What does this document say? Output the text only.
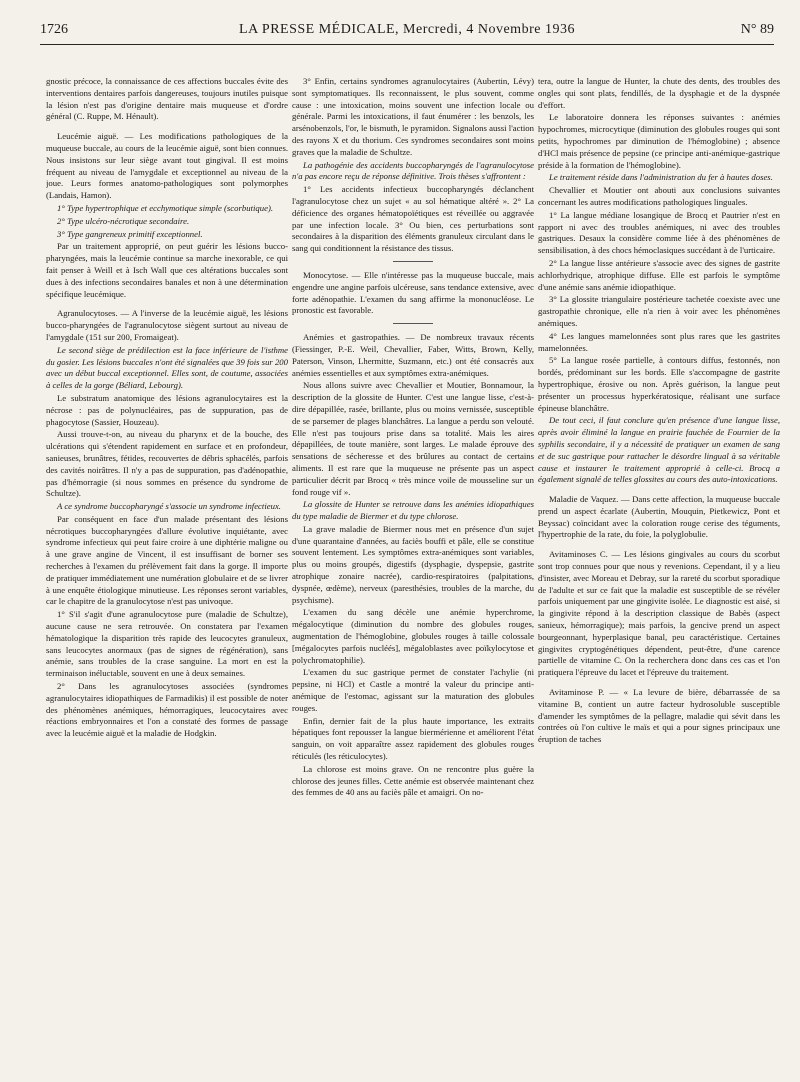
1726	LA PRESSE MÉDICALE, Mercredi, 4 Novembre 1936	N° 89

gnostic précoce, la connaissance de ces affections buccales évite des interventions dentaires parfois dangereuses, toujours inutiles puisque la lésion n'est pas d'origine dentaire mais muqueuse et d'ordre général (C. Ruppe, M. Hénault).

Leucémie aiguë. — Les modifications pathologiques de la muqueuse buccale, au cours de la leucémie aiguë, sont bien connues. Nous insistons sur leur siège avant tout gingival. Il est moins fréquent au niveau de l'amygdale et exceptionnel au niveau de la joue. Leurs formes anatomo-pathologiques sont polymorphes (Landais, Hamon).

1° Type hypertrophique et ecchymotique simple (scorbutique).

2° Type ulcéro-nécrotique secondaire.

3° Type gangreneux primitif exceptionnel.

Par un traitement approprié, on peut guérir les lésions bucco-pharyngées, mais la leucémie continue sa marche inexorable, ce qui fait penser à Weill et à Isch Wall que ces altérations buccales sont dues à des infections secondaires banales et non à une détermination spécifique leucémique.

Agranulocytoses. — A l'inverse de la leucémie aiguë, les lésions bucco-pharyngées de l'agranulocytose siègent surtout au niveau de l'amygdale (151 sur 200, Fromaigeat).

Le second siège de prédilection est la face inférieure de l'isthme du gosier. Les lésions buccales n'ont été signalées que 39 fois sur 200 avec un début buccal exceptionnel. Elles sont, de coutume, associées à celles de la gorge (Béliard, Lebourg).

Le substratum anatomique des lésions agranulocytaires est la nécrose : pas de polynucléaires, pas de suppuration, pas de phagocytose (Sassier, Houzeau).

Aussi trouve-t-on, au niveau du pharynx et de la bouche, des ulcérations qui s'étendent rapidement en surface et en profondeur, sanieuses, brunâtres, fétides, recouvertes de débris sphacélés, parfois des cavités noirâtres. Il n'y a pas de suppuration, pas d'adénopathie, pas d'hémorragie (si nous sommes en présence du syndrome de Schultze).

A ce syndrome buccopharyngé s'associe un syndrome infectieux.

Par conséquent en face d'un malade présentant des lésions nécrotiques buccopharyngées d'allure évolutive inquiétante, avec syndrome infectieux qui peut faire croire à une diphtérie maligne ou à une grave angine de Vincent, il est insuffisant de borner ses recherches à l'examen du prélèvement fait dans la gorge. Il importe de pratiquer immédiatement une numération globulaire et de se livrer à une enquête étiologique minutieuse. Les réponses seront variables, car le chapitre de la granulocytose n'est pas univoque.

1° S'il s'agit d'une agranulocytose pure (maladie de Schultze), aucune cause ne sera retrouvée. On constatera par l'examen hématologique la disparition très rapide des leucocytes granuleux, sans leucocytes anormaux (pas de signes de régénération), sans anémie, sans troubles de la crase sanguine. La mort en est la terminaison inéluctable, souvent en une à deux semaines.

2° Dans les agranulocytoses associées (syndromes agranulocytaires idiopathiques de Farmadikis) il est possible de noter des phénomènes anémiques, hémorragiques, leucocytaires avec réactions embryonnaires et l'on a constaté des formes de passage avec la leucémie aiguë et la maladie de Hodgkin.

3° Enfin, certains syndromes agranulocytaires (Aubertin, Lévy) sont symptomatiques. Ils reconnaissent, le plus souvent, comme cause : une intoxication, moins souvent une infection locale ou générale. Parmi les intoxications, il faut énumérer : les benzols, les arsénobenzols, l'or, le bismuth, le pyramidon. Signalons aussi l'action des rayons X et du thorium. Ces syndromes secondaires sont moins graves que la maladie de Schultze.

La pathogénie des accidents buccopharyngés de l'agranulocytose n'a pas encore reçu de réponse définitive. Trois thèses s'affrontent :

1° Les accidents infectieux buccopharyngés déclanchent l'agranulocytose chez un sujet « au sol hématique altéré ». 2° La déficience des organes hématopoïétiques est réveillée ou aggravée par une infection locale. 3° Ou bien, ces perturbations sont secondaires à la disparition des éléments granuleux circulant dans le sang qui conditionnent la résistance des tissus.

Monocytose. — Elle n'intéresse pas la muqueuse buccale, mais engendre une angine parfois ulcéreuse, sans tendance extensive, avec forte adénopathie. L'examen du sang affirme la mononucléose. Le pronostic est favorable.

Anémies et gastropathies. — De nombreux travaux récents (Fiessinger, P.-E. Weil, Chevallier, Faber, Witts, Brown, Kelly, Paterson, Vinson, Lhermitte, Suzmann, etc.) ont été consacrés aux anémies essentielles et aux symptômes extra-anémiques.

Nous allons suivre avec Chevallier et Moutier, Bonnamour, la description de la glossite de Hunter. C'est une langue lisse, c'est-à-dire dépapillée, rasée, brillante, plus ou moins vernissée, susceptible de se parsemer de plages blanchâtres. La langue a perdu son velouté. Elle n'est pas toujours prise dans sa totalité. Mais les aires dépapillées, de toute manière, sont larges. Le malade éprouve des sensations de sécheresse et des brûlures au contact de certains aliments. Il est rare que la muqueuse ne présente pas un aspect particulier décrit par Brocq « très mince voile de mousseline sur un fond rouge vif ».

La glossite de Hunter se retrouve dans les anémies idiopathiques du type maladie de Biermer et du type chlorose.

La grave maladie de Biermer nous met en présence d'un sujet d'une quarantaine d'années, au faciès bouffi et pâle, elle se constitue souvent lentement. Les symptômes extra-anémiques sont variables, plus ou moins groupés, digestifs (dysphagie, dyspepsie, gastrite atrophique zonaire nacrée), cardio-respiratoires (palpitations, dyspnée, œdème), nerveux (paresthésies, troubles de la marche, du psychisme).

L'examen du sang décèle une anémie hyperchrome, mégalocytique (diminution du nombre des globules rouges, augmentation de l'hémoglobine, globules rouges à taille colossale [mégalocytes parfois nucléés], mégaloblastes avec poïkylocytose et polychromatophilie).

L'examen du suc gastrique permet de constater l'achylie (ni pepsine, ni HCl) et Castle a montré la valeur du principe anti-anémique de l'estomac, agissant sur la maturation des globules rouges.

Enfin, dernier fait de la plus haute importance, les extraits hépatiques font repousser la langue biermérienne et améliorent l'état sanguin, on voit apparaître assez rapidement des globules rouges réticulés (les réticulocytes).

La chlorose est moins grave. On ne rencontre plus guère la chlorose des jeunes filles. Cette anémie est observée maintenant chez des femmes de 40 ans au faciès pâle et amaigri. On no-

tera, outre la langue de Hunter, la chute des dents, des troubles des ongles qui sont plats, fendillés, de la dysphagie et de la dyspnée d'effort.

Le laboratoire donnera les réponses suivantes : anémies hypochromes, microcytique (diminution des globules rouges qui sont petits, hypochromes par diminution de l'hémoglobine) ; absence d'HCl mais présence de pepsine (ce principe anti-anémique-gastrique préside à la formation de l'hémoglobine).

Le traitement réside dans l'administration du fer à hautes doses.

Chevallier et Moutier ont abouti aux conclusions suivantes concernant les autres modifications pathologiques linguales.

1° La langue médiane losangique de Brocq et Pautrier n'est en rapport ni avec des troubles anémiques, ni avec des troubles gastriques. Desaux la considère comme liée à des phénomènes de sensibilisation, à des chocs hémoclasiques succédant à de l'urticaire.

2° La langue lisse antérieure s'associe avec des signes de gastrite achlorhydrique, atrophique diffuse. Elle est parfois le symptôme d'une anémie sans anémie idiopathique.

3° La glossite triangulaire postérieure tachetée coexiste avec une gastropathie chronique, elle n'a rien à voir avec les phénomènes anémiques.

4° Les langues mamelonnées sont plus rares que les gastrites mamelonnées.

5° La langue rosée partielle, à contours diffus, festonnés, non bordés, prédominant sur les bords. Elle s'accompagne de gastrite hypertrophique, érosive ou non. Après guérison, la langue peut présenter un processus hyperkératosique, réalisant une surface épineuse blanchâtre.

De tout ceci, il faut conclure qu'en présence d'une langue lisse, après avoir éliminé la langue en prairie fauchée de Fournier de la syphilis secondaire, il y a nécessité de pratiquer un examen de sang et de suc gastrique pour rattacher le désordre lingual à sa véritable cause et instaurer le traitement approprié à celle-ci. Brocq a également signalé de telles glossites au cours des auto-intoxications.

Maladie de Vaquez. — Dans cette affection, la muqueuse buccale prend un aspect écarlate (Aubertin, Mouquin, Pietkewicz, Pont et Beyssac) coïncidant avec la coloration rouge cerise des téguments, l'hypertrophie de la rate, du foie, la polyglobulie.

Avitaminoses C. — Les lésions gingivales au cours du scorbut sont trop connues pour que nous y revenions. Cependant, il y a lieu d'insister, avec Moreau et Debray, sur la rareté du scorbut sporadique de l'adulte et sur ce fait que la maladie est susceptible de se révéler parfois uniquement par une gingivite isolée. Le diagnostic est aisé, si la gingivite répond à la description classique de Babès (aspect sanieux, hémorragique); mais parfois, la gencive prend un aspect bourgeonnant, hyperplasique banal, peu caractéristique. Certaines gingivites cryptogénétiques dépendent, peut-être, d'une carence partielle de vitamine C. On la recherchera donc dans ces cas et l'on pratiquera l'épreuve du lacet et l'épreuve du traitement.

Avitaminose P. — « La levure de bière, débarrassée de sa vitamine B, contient un autre facteur hydrosoluble susceptible d'amender les symptômes de la pellagre, maladie qui sévit dans les contrées où l'on cultive le maïs et qui a pour signes principaux une éruption de taches
